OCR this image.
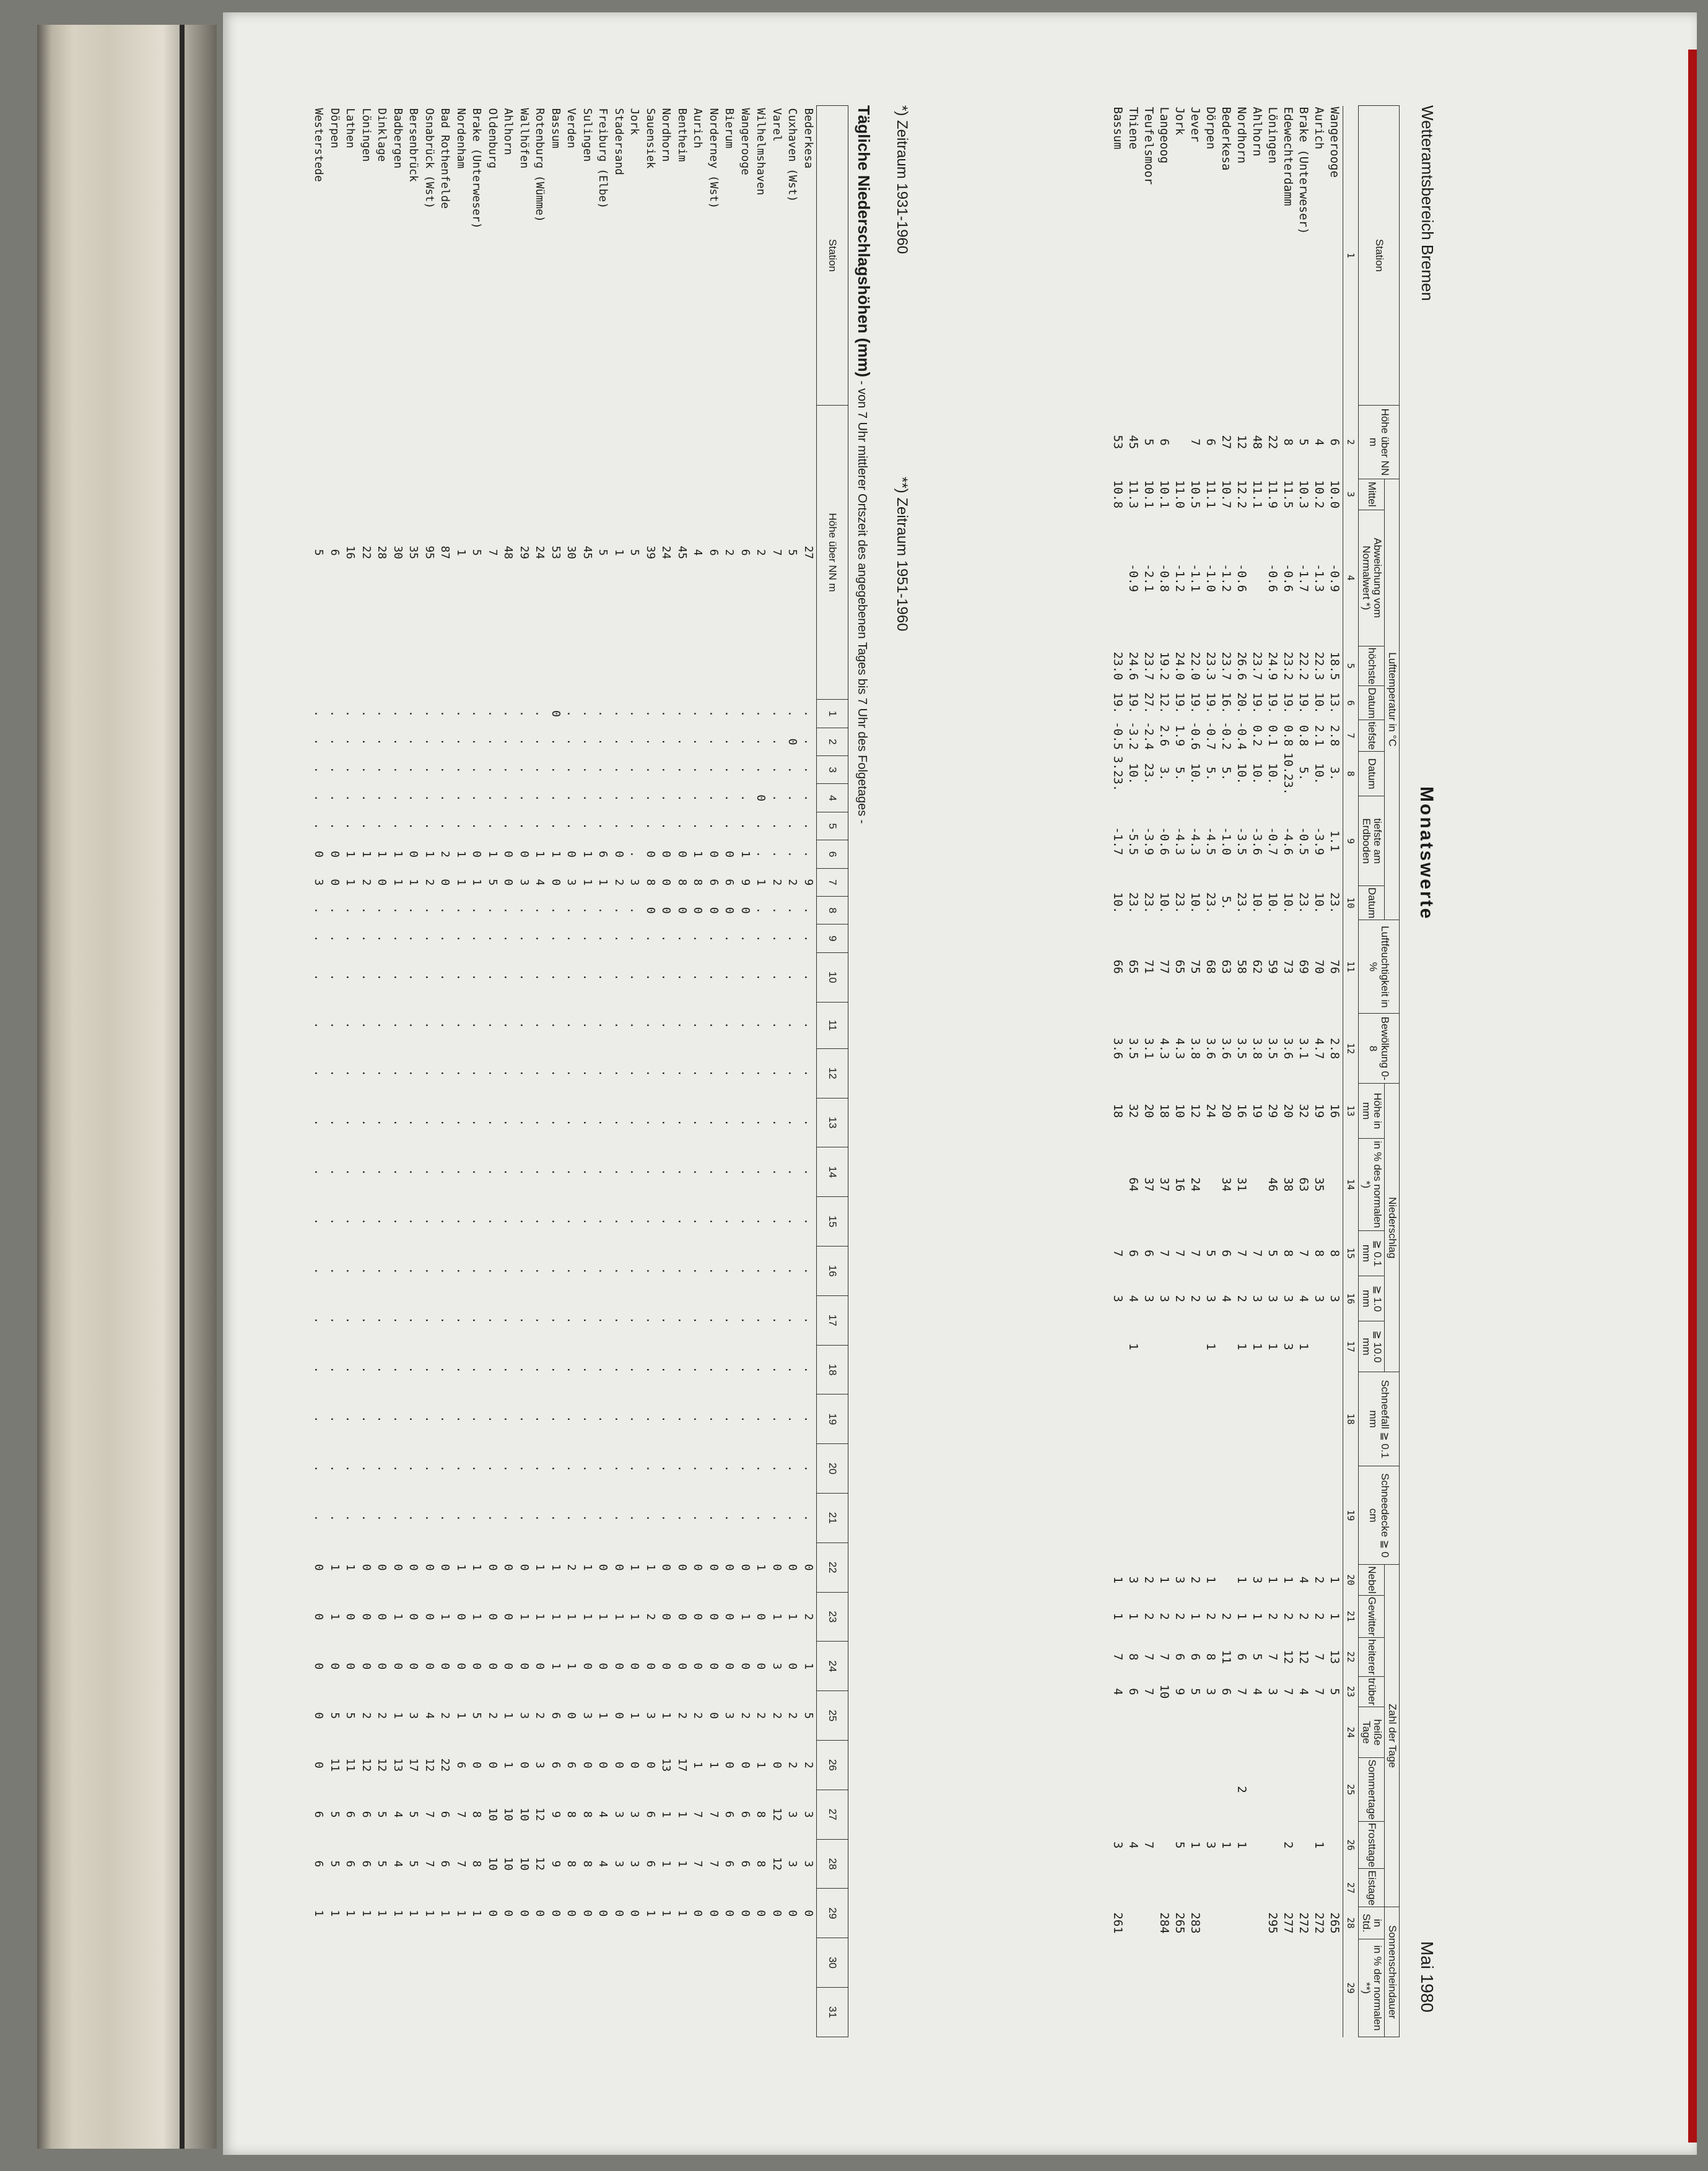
Wetteramtsbereich Bremen
Monatswerte
Mai 1980
Station	Höhe über NN m	Lufttemperatur in °C								Luftfeuchtigkeit in %	Bewölkung 0-8	Niederschlag					Schneefall ≧ 0.1 mm	Schneedecke ≧ 0 cm	Zahl der Tage								Sonnenscheindauer	
		Mittel	Abweichung vom Normalwert *)	höchste	Datum	tiefste	Datum	tiefste am Erdboden	Datum			Höhe in mm	in % des normalen *)	≧ 0.1 mm	≧ 1.0 mm	≧ 10.0 mm			Nebel	Gewitter	heiterer	trüber	heiße Tage	Sommertage	Frosttage	Eistage	in Std.	in % der normalen **)
1	2	3	4	5	6	7	8	9	10	11	12	13	14	15	16	17	18	19	20	21	22	23	24	25	26	27	28	29
Wangerooge	6	10.0	-0.9	18.5	13.	2.8	3.	1.1	23.	76	2.8	16		8	3				1	1	13	5					265	
Aurich	4	10.2	-1.3	22.3	10.	2.1	10.	-3.9	10.	70	4.7	19	35	8	3				2	2	7	7			1		272	
Brake (Unterweser)	5	10.3	-1.7	22.2	19.	0.8	5.	-0.5	23.	69	3.1	32	63	7	4	1			4	2	12	4					272	
Edewechterdamm	8	11.5	-0.6	23.2	19.	0.8	10.23.	-4.6	10.	73	3.6	20	38	8	3	3			1	2	12	7			2		277	
Löningen	22	11.9	-0.6	24.9	19.	0.1	10.	-0.7	10.	59	3.5	29	46	5	3	1			1	2	7	3					295	
Ahlhorn	48	11.1		23.7	19.	0.2	10.	-3.6	10.	62	3.8	19		7	3	1			3	1	5	4						
Nordhorn	12	12.2	-0.6	26.6	20.	-0.4	10.	-3.5	23.	58	3.5	16	31	7	2	1			1	1	6	7		2	1			
Bederkesa	27	10.7	-1.2	23.7	16.	-0.2	5.	-1.0	5.	63	3.6	20	34	6	4					2	11	6			1			
Dörpen	6	11.1	-1.0	23.3	19.	-0.7	5.	-4.5	23.	68	3.6	24		5	3	1			1	2	8	3			3			
Jever	7	10.5	-1.1	22.0	19.	-0.6	10.	-4.3	10.	75	3.8	12	24	7	2				2	1	6	5			1		283	
Jork		11.0	-1.2	24.0	19.	1.9	5.	-4.3	23.	65	4.3	10	16	7	2				3	2	6	9			5		265	
Langeoog	6	10.1	-0.8	19.2	12.	2.6	3.	-0.6	10.	77	4.3	18	37	7	3				1	2	7	10					284	
Teufelsmoor	5	10.1	-2.1	23.7	27.	-2.4	23.	-3.9	23.	71	3.1	20	37	6	3				2	2	7	7			7			
Thiene	45	11.3	-0.9	24.6	19.	-3.2	10.	-5.5	23.	65	3.5	32	64	6	4	1			3	1	8	6			4			
Bassum	53	10.8		23.0	19.	-0.5	3.23.	-1.7	10.	66	3.6	18		7	3				1	1	7	4			3		261	
*) Zeitraum 1931-1960
**) Zeitraum 1951-1960
Tägliche Niederschlagshöhen (mm) - von 7 Uhr mittlerer Ortszeit des angegebenen Tages bis 7 Uhr des Folgetages -
Station	Höhe über NN m	1	2	3	4	5	6	7	8	9	10	11	12	13	14	15	16	17	18	19	20	21	22	23	24	25	26	27	28	29	30	31
Bederkesa	27	.	.	.	.	.	.	9	.	.	.	.	.	.	.	.	.	.	.	.	.	.	0	2	1	5	2	3	3	0		
Cuxhaven (Wst)	5	.	0	.	.	.	.	2	.	.	.	.	.	.	.	.	.	.	.	.	.	.	0	1	0	2	2	3	3	0		
Varel	7	.	.	.	.	.	.	2	.	.	.	.	.	.	.	.	.	.	.	.	.	.	0	1	3	2	0	12	12	0		
Wilhelmshaven	2	.	.	.	0	.	.	1	.	.	.	.	.	.	.	.	.	.	.	.	.	.	1	0	0	2	1	8	8	0		
Wangerooge	6	.	.	.	.	.	1	9	0	.	.	.	.	.	.	.	.	.	.	.	.	.	0	1	0	2	0	6	6	0		
Bierum	2	.	.	.	.	.	0	6	0	.	.	.	.	.	.	.	.	.	.	.	.	.	0	0	0	3	0	6	6	0		
Norderney (Wst)	6	.	.	.	.	.	0	6	0	.	.	.	.	.	.	.	.	.	.	.	.	.	0	0	0	0	1	7	7	0		
Aurich	4	.	.	.	.	.	1	8	0	.	.	.	.	.	.	.	.	.	.	.	.	.	0	0	0	2	1	7	7	0		
Bentheim	45	.	.	.	.	.	0	8	0	.	.	.	.	.	.	.	.	.	.	.	.	.	0	0	0	2	17	1	1	1		
Nordhorn	24	.	.	.	.	.	0	0	0	.	.	.	.	.	.	.	.	.	.	.	.	.	0	0	0	1	13	1	1	1		
Sauensiek	39	.	.	.	.	.	0	8	0	.	.	.	.	.	.	.	.	.	.	.	.	.	1	2	0	3	0	6	6	1		
Jork	5	.	.	.	.	.	.	3	.	.	.	.	.	.	.	.	.	.	.	.	.	.	1	1	0	1	0	3	3	0		
Stadersand	1	.	.	.	.	.	0	2	.	.	.	.	.	.	.	.	.	.	.	.	.	.	0	1	0	0	0	3	3	0		
Freiburg (Elbe)	5	.	.	.	.	.	6	1	.	.	.	.	.	.	.	.	.	.	.	.	.	.	0	1	0	1	0	4	4	0		
Sulingen	45	.	.	.	.	.	1	1	.	.	.	.	.	.	.	.	.	.	.	.	.	.	1	1	0	3	0	8	8	0		
Verden	30	.	.	.	.	.	0	3	.	.	.	.	.	.	.	.	.	.	.	.	.	.	2	1	1	0	6	8	8	0		
Bassum	53	0	.	.	.	.	1	0	.	.	.	.	.	.	.	.	.	.	.	.	.	.	1	1	1	6	6	9	9	0		
Rotenburg (Wümme)	24	.	.	.	.	.	1	4	.	.	.	.	.	.	.	.	.	.	.	.	.	.	1	1	0	2	3	12	12	0		
Wallhöfen	29	.	.	.	.	.	0	3	.	.	.	.	.	.	.	.	.	.	.	.	.	.	0	1	0	3	0	10	10	0		
Ahlhorn	48	.	.	.	.	.	0	0	.	.	.	.	.	.	.	.	.	.	.	.	.	.	0	0	0	1	1	10	10	0		
Oldenburg	7	.	.	.	.	.	1	5	.	.	.	.	.	.	.	.	.	.	.	.	.	.	0	0	0	2	0	10	10	0		
Brake (Unterweser)	5	.	.	.	.	.	0	1	.	.	.	.	.	.	.	.	.	.	.	.	.	.	1	1	0	5	0	8	8	1		
Nordenham	1	.	.	.	.	.	1	1	.	.	.	.	.	.	.	.	.	.	.	.	.	.	1	0	0	1	6	7	7	1		
Bad Rothenfelde	87	.	.	.	.	.	2	0	.	.	.	.	.	.	.	.	.	.	.	.	.	.	0	1	0	2	22	6	6	1		
Osnabrück (Wst)	95	.	.	.	.	.	1	2	.	.	.	.	.	.	.	.	.	.	.	.	.	.	0	0	0	4	12	7	7	1		
Bersenbrück	35	.	.	.	.	.	0	1	.	.	.	.	.	.	.	.	.	.	.	.	.	.	0	0	0	3	17	5	5	1		
Badbergen	30	.	.	.	.	.	1	1	.	.	.	.	.	.	.	.	.	.	.	.	.	.	0	1	0	1	13	4	4	1		
Dinklage	28	.	.	.	.	.	1	0	.	.	.	.	.	.	.	.	.	.	.	.	.	.	0	0	0	2	12	5	5	1		
Löningen	22	.	.	.	.	.	1	2	.	.	.	.	.	.	.	.	.	.	.	.	.	.	0	0	0	2	12	6	6	1		
Lathen	16	.	.	.	.	.	1	1	.	.	.	.	.	.	.	.	.	.	.	.	.	.	1	0	0	5	11	6	6	1		
Dörpen	6	.	.	.	.	.	0	0	.	.	.	.	.	.	.	.	.	.	.	.	.	.	1	1	0	5	11	5	5	1		
Westerstede	5	.	.	.	.	.	0	3	.	.	.	.	.	.	.	.	.	.	.	.	.	.	0	0	0	0	0	6	6	1		
